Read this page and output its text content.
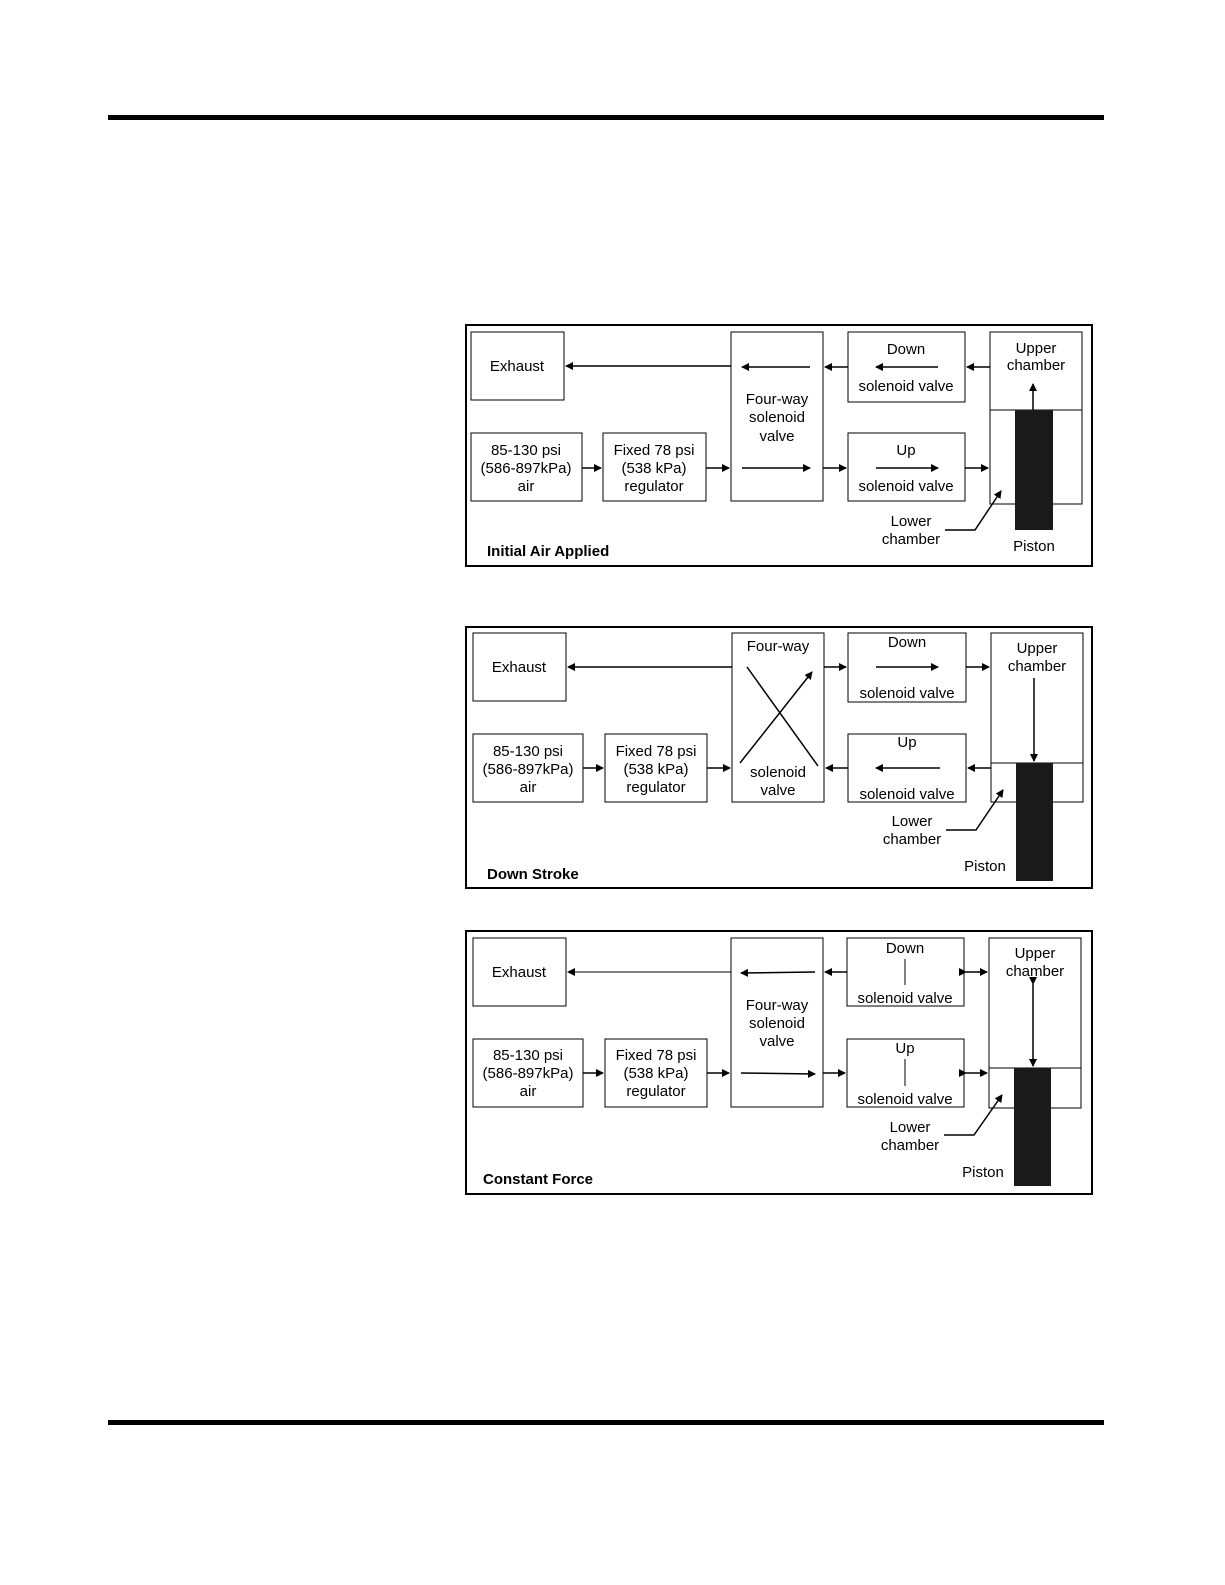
Exhaust
85-130 psi
(586-897kPa)
air
Fixed 78 psi
(538 kPa)
regulator
Four-way
solenoid
valve
Down
solenoid valve
Up
solenoid valve
Upper
chamber
Piston
Lower
chamber
Initial Air Applied
Exhaust
85-130 psi
(586-897kPa)
air
Fixed 78 psi
(538 kPa)
regulator
Four-way
solenoid
valve
Down
solenoid valve
Up
solenoid valve
Upper
chamber
Piston
Lower
chamber
Down Stroke
Exhaust
85-130 psi
(586-897kPa)
air
Fixed 78 psi
(538 kPa)
regulator
Four-way
solenoid
valve
Down
solenoid valve
Up
solenoid valve
Upper
chamber
Piston
Lower
chamber
Constant Force
